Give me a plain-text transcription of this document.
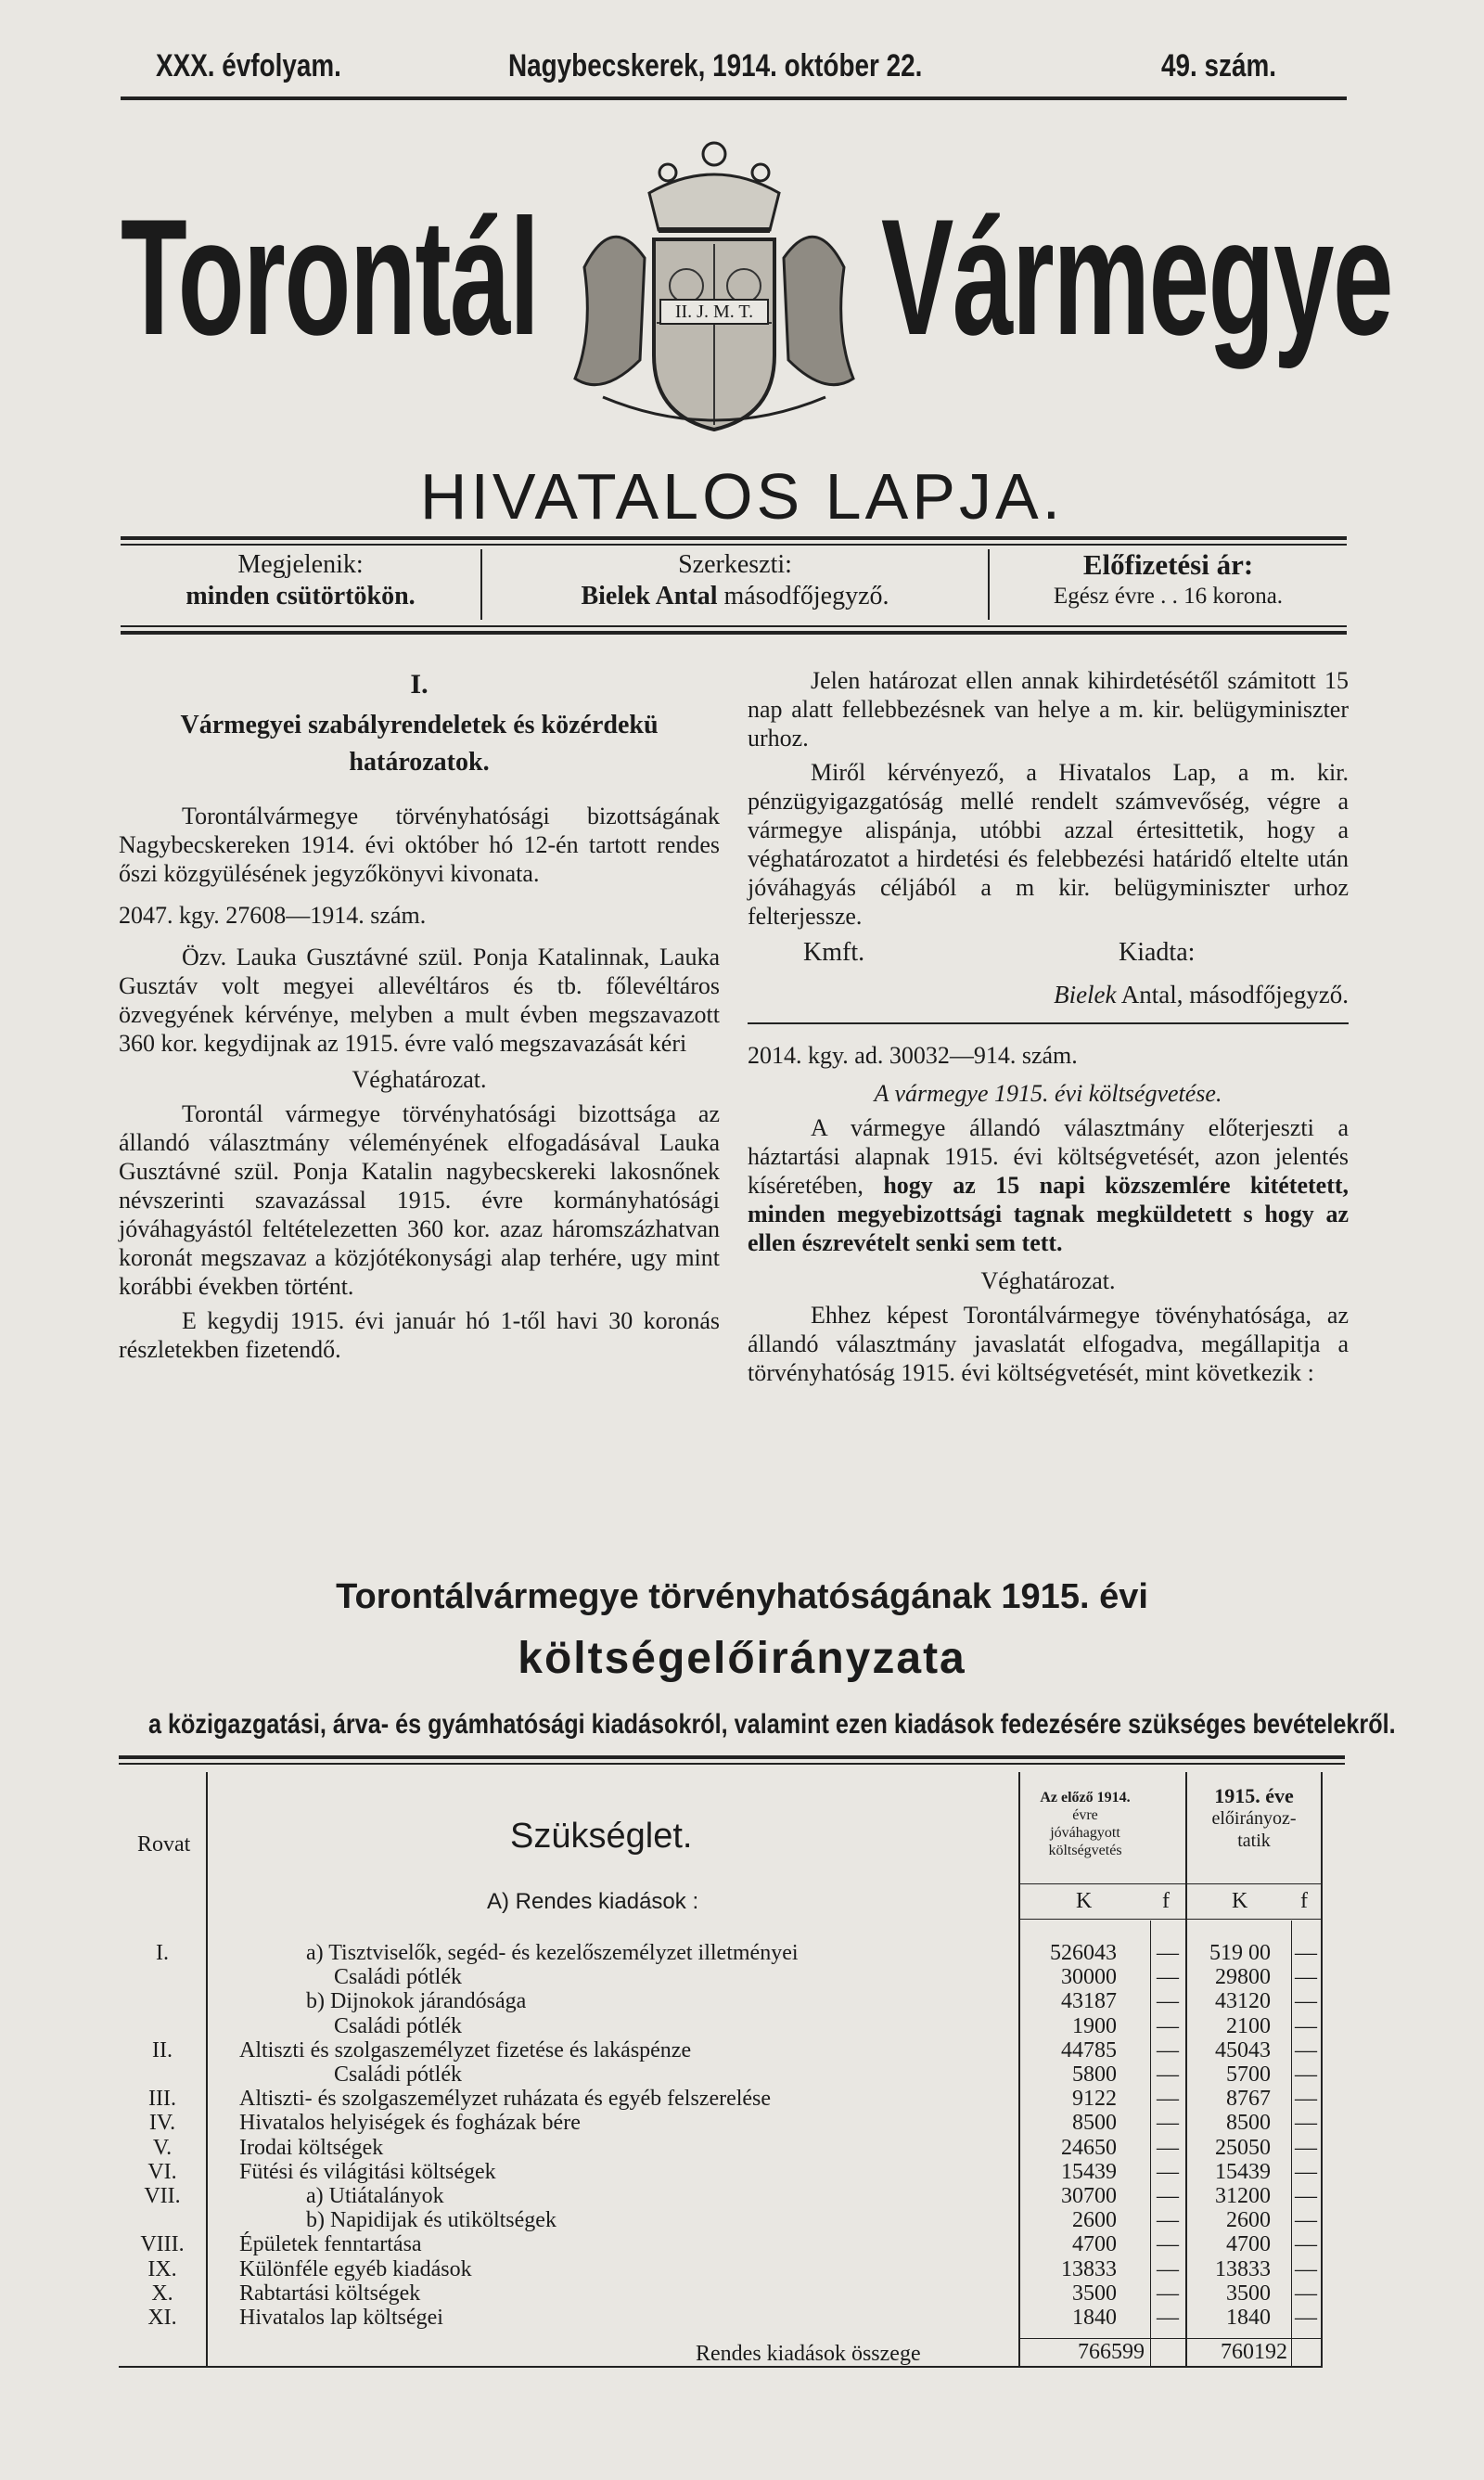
XXX. évfolyam.	Nagybecskerek, 1914. október 22.	49. szám.
Torontál Vármegye
II. J. M. T.
HIVATALOS LAPJA.
Megjelenik:
minden csütörtökön.
Szerkeszti:
Bielek Antal másodfőjegyző.
Előfizetési ár:
Egész évre . . 16 korona.

I.

Vármegyei szabályrendeletek és közérdekü

határozatok.

Torontálvármegye törvényhatósági bizottságának Nagybecskereken 1914. évi október hó 12-én tartott rendes őszi közgyülésének jegyzőkönyvi kivonata.

2047. kgy. 27608—1914. szám.

Özv. Lauka Gusztávné szül. Ponja Katalinnak, Lauka Gusztáv volt megyei allevéltáros és tb. főlevéltáros özvegyének kérvénye, melyben a mult évben megszavazott 360 kor. kegydijnak az 1915. évre való megszavazását kéri

Véghatározat.

Torontál vármegye törvényhatósági bizottsága az állandó választmány véleményének elfogadásával Lauka Gusztávné szül. Ponja Katalin nagybecskereki lakosnőnek névszerinti szavazással 1915. évre kormányhatósági jóváhagyástól feltételezetten 360 kor. azaz háromszázhatvan koronát megszavaz a közjótékonysági alap terhére, ugy mint korábbi években történt.

E kegydij 1915. évi január hó 1-től havi 30 koronás részletekben fizetendő.

Jelen határozat ellen annak kihirdetésétől számitott 15 nap alatt fellebbezésnek van helye a m. kir. belügyminiszter urhoz.

Miről kérvényező, a Hivatalos Lap, a m. kir. pénzügyigazgatóság mellé rendelt számvevőség, végre a vármegye alispánja, utóbbi azzal értesittetik, hogy a véghatározatot a hirdetési és felebbezési határidő eltelte után jóváhagyás céljából a m kir. belügyminiszter urhoz felterjessze.

Kmft.	Kiadta:

Bielek Antal, másodfőjegyző.

2014. kgy. ad. 30032—914. szám.

A vármegye 1915. évi költségvetése.

A vármegye állandó választmány előterjeszti a háztartási alapnak 1915. évi költségvetését, azon jelentés kíséretében, hogy az 15 napi közszemlére kitétetett, minden megyebizottsági tagnak megküldetett s hogy az ellen észrevételt senki sem tett.

Véghatározat.

Ehhez képest Torontálvármegye tövényhatósága, az állandó választmány javaslatát elfogadva, megállapitja a törvényhatóság 1915. évi költségvetését, mint következik :

Torontálvármegye törvényhatóságának 1915. évi
költségelőirányzata
a közigazgatási, árva- és gyámhatósági kiadásokról, valamint ezen kiadások fedezésére szükséges bevételekről.
Rovat	Szükséglet.
Az előző 1914.
évre
jóváhagyott
költségvetés
1915. éve
előirányoz-
tatik
K	f	K f
A) Rendes kiadások :
I.	a) Tisztviselők, segéd- és kezelőszemélyzet illetményei	526043 —	519 00 —
Családi pótlék	30000 —	29800 —
b) Dijnokok járandósága	43187 —	43120 —
Családi pótlék	1900 —	2100 —
II.	Altiszti és szolgaszemélyzet fizetése és lakáspénze	44785 —	45043 —
Családi pótlék	5800 —	5700 —
III.	Altiszti- és szolgaszemélyzet ruházata és egyéb felszerelése	9122 —	8767 —
IV.	Hivatalos helyiségek és fogházak bére	8500 —	8500 —
V.	Irodai költségek	24650 —	25050 —
VI.	Fütési és világitási költségek	15439 —	15439 —
VII.	a) Utiátalányok	30700 —	31200 —
b) Napidijak és utiköltségek	2600 —	2600 —
VIII.	Épületek fenntartása	4700 —	4700 —
IX.	Különféle egyéb kiadások	13833 —	13833 —
X.	Rabtartási költségek	3500 —	3500 —
XI.	Hivatalos lap költségei	1840 —	1840 —
Rendes kiadások összege	766599	760192
